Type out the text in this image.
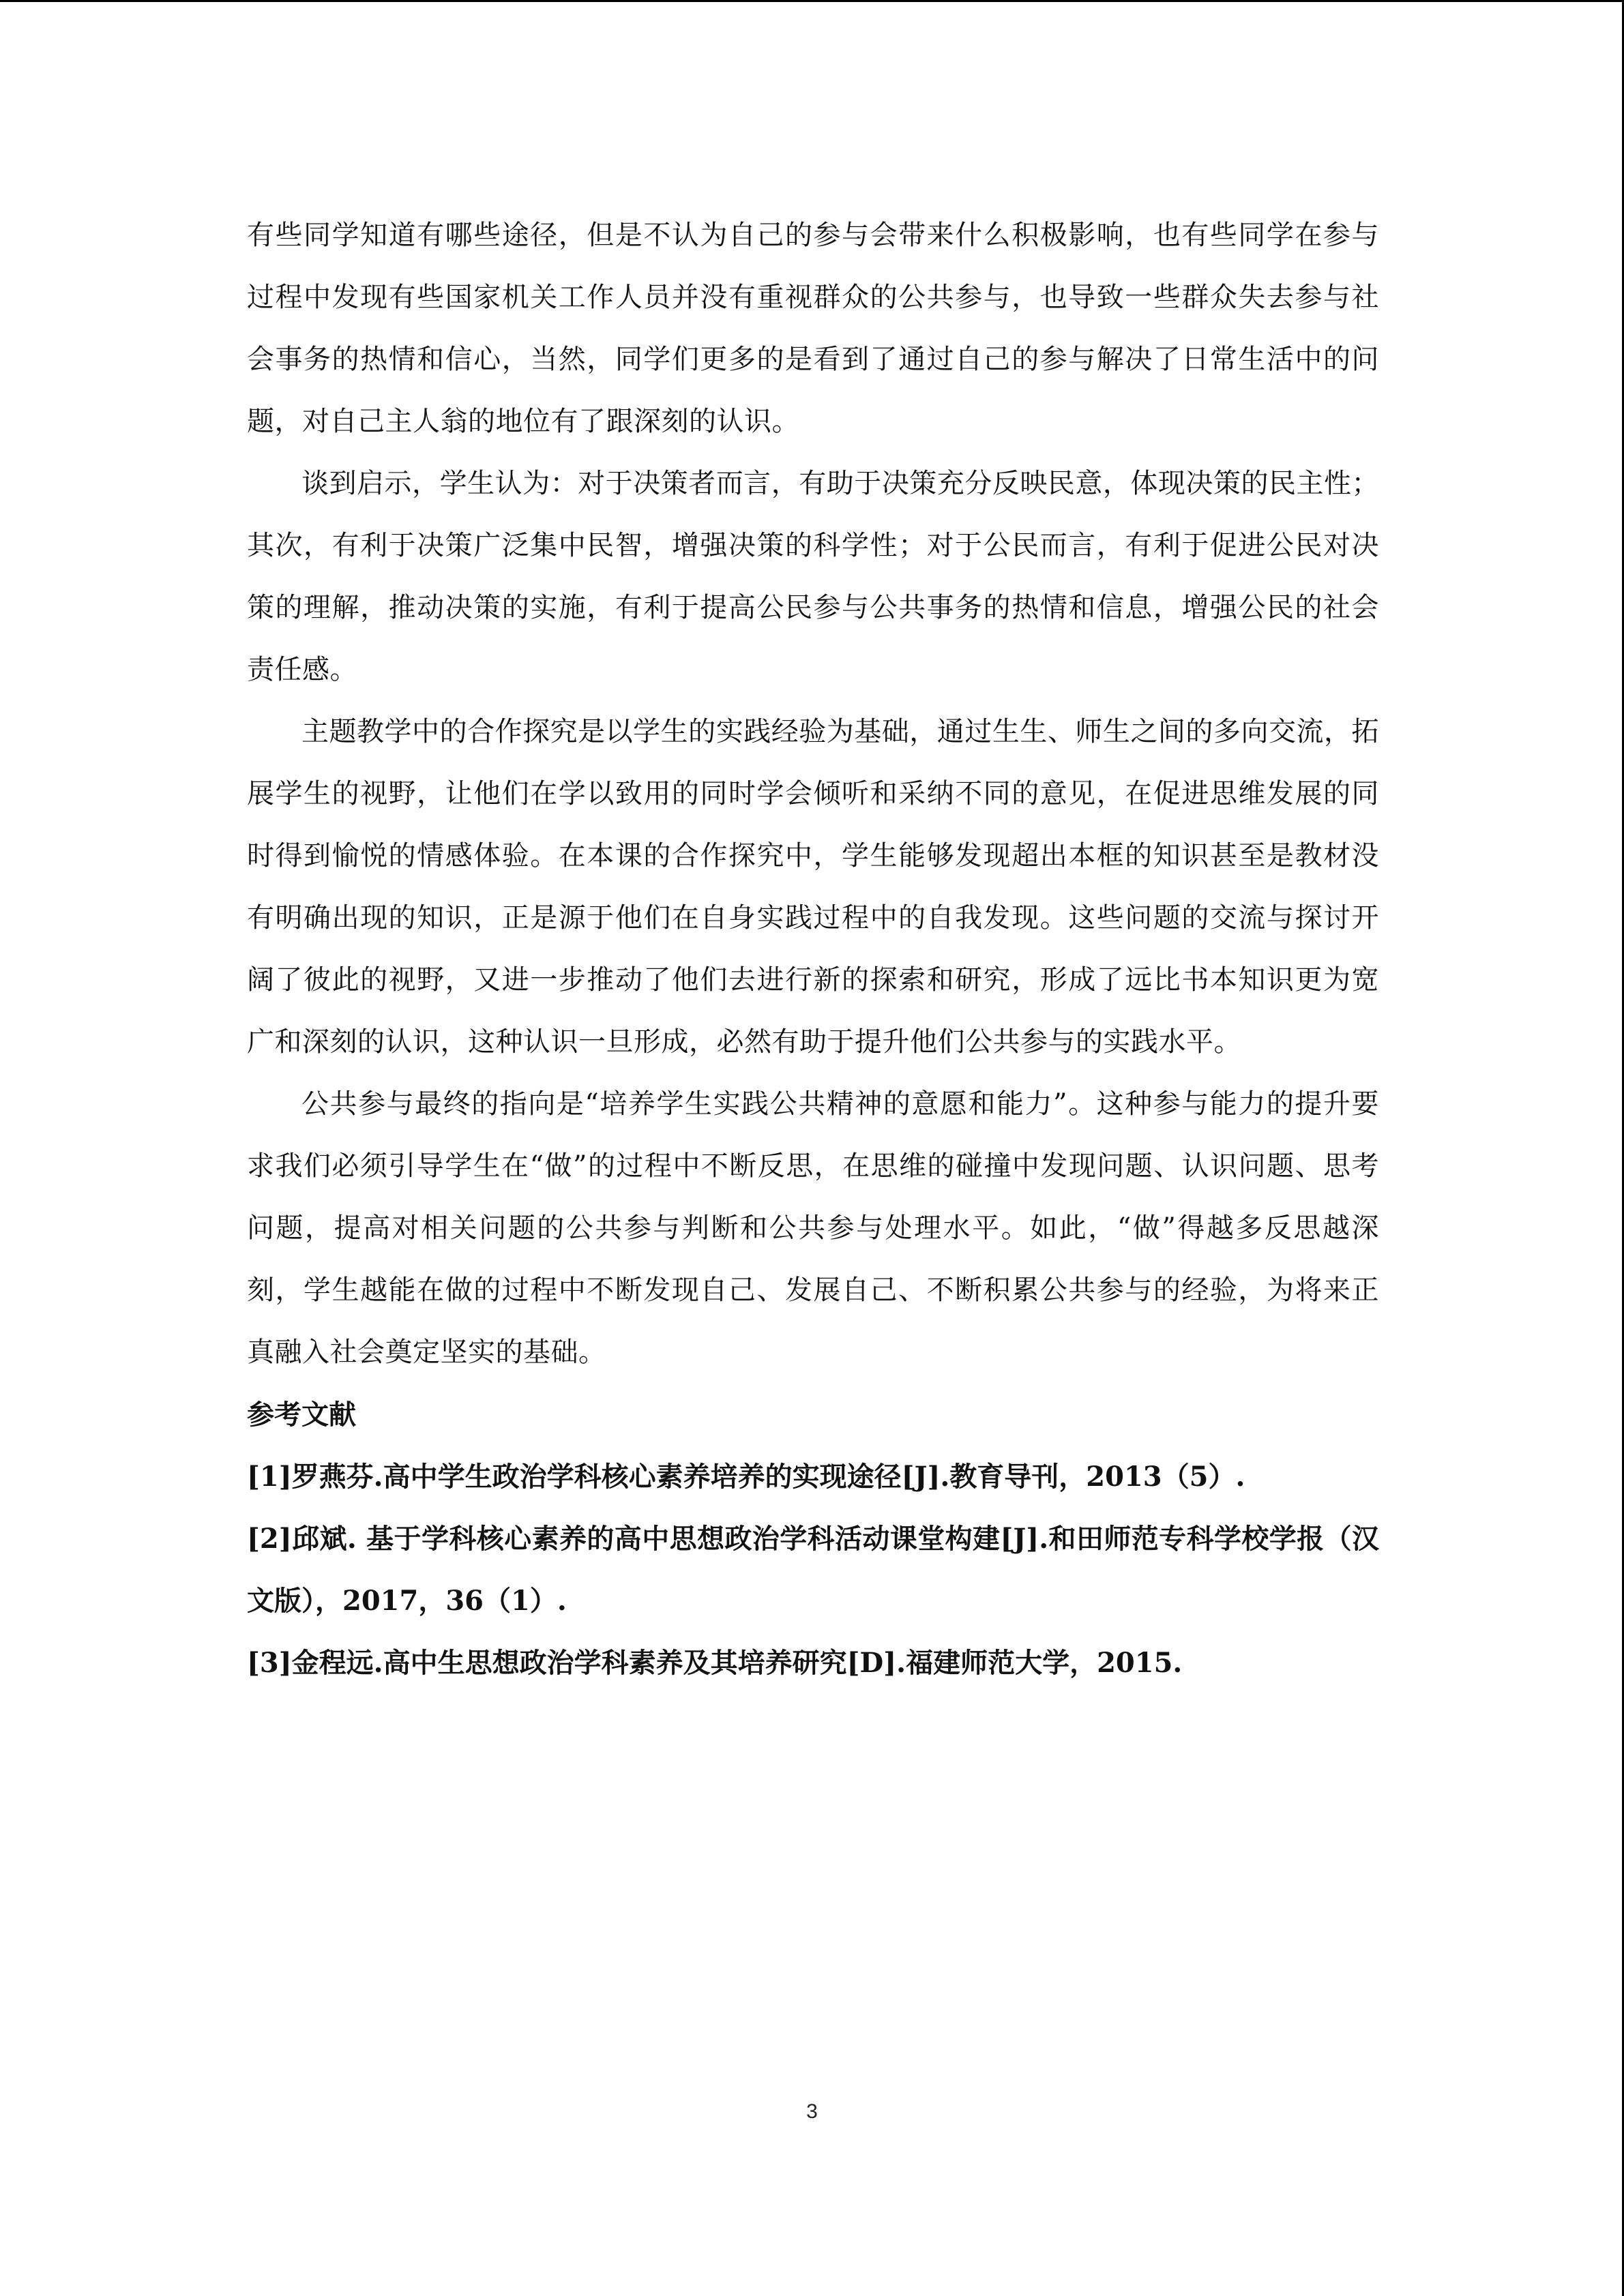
有些同学知道有哪些途径，但是不认为自己的参与会带来什么积极影响，也有些同学在参与过程中发现有些国家机关工作人员并没有重视群众的公共参与，也导致一些群众失去参与社会事务的热情和信心，当然，同学们更多的是看到了通过自己的参与解决了日常生活中的问题，对自己主人翁的地位有了跟深刻的认识。

谈到启示，学生认为：对于决策者而言，有助于决策充分反映民意，体现决策的民主性；其次，有利于决策广泛集中民智，增强决策的科学性；对于公民而言，有利于促进公民对决策的理解，推动决策的实施，有利于提高公民参与公共事务的热情和信息，增强公民的社会责任感。

主题教学中的合作探究是以学生的实践经验为基础，通过生生、师生之间的多向交流，拓展学生的视野，让他们在学以致用的同时学会倾听和采纳不同的意见，在促进思维发展的同时得到愉悦的情感体验。在本课的合作探究中，学生能够发现超出本框的知识甚至是教材没有明确出现的知识，正是源于他们在自身实践过程中的自我发现。这些问题的交流与探讨开阔了彼此的视野，又进一步推动了他们去进行新的探索和研究，形成了远比书本知识更为宽广和深刻的认识，这种认识一旦形成，必然有助于提升他们公共参与的实践水平。

公共参与最终的指向是“培养学生实践公共精神的意愿和能力”。这种参与能力的提升要求我们必须引导学生在“做”的过程中不断反思，在思维的碰撞中发现问题、认识问题、思考问题，提高对相关问题的公共参与判断和公共参与处理水平。如此，“做”得越多反思越深刻，学生越能在做的过程中不断发现自己、发展自己、不断积累公共参与的经验，为将来正真融入社会奠定坚实的基础。

参考文献
[1]罗燕芬.高中学生政治学科核心素养培养的实现途径[J].教育导刊，2013（5）.
[2]邱斌. 基于学科核心素养的高中思想政治学科活动课堂构建[J].和田师范专科学校学报（汉文版），2017，36（1）.
[3]金程远.高中生思想政治学科素养及其培养研究[D].福建师范大学，2015.
3
